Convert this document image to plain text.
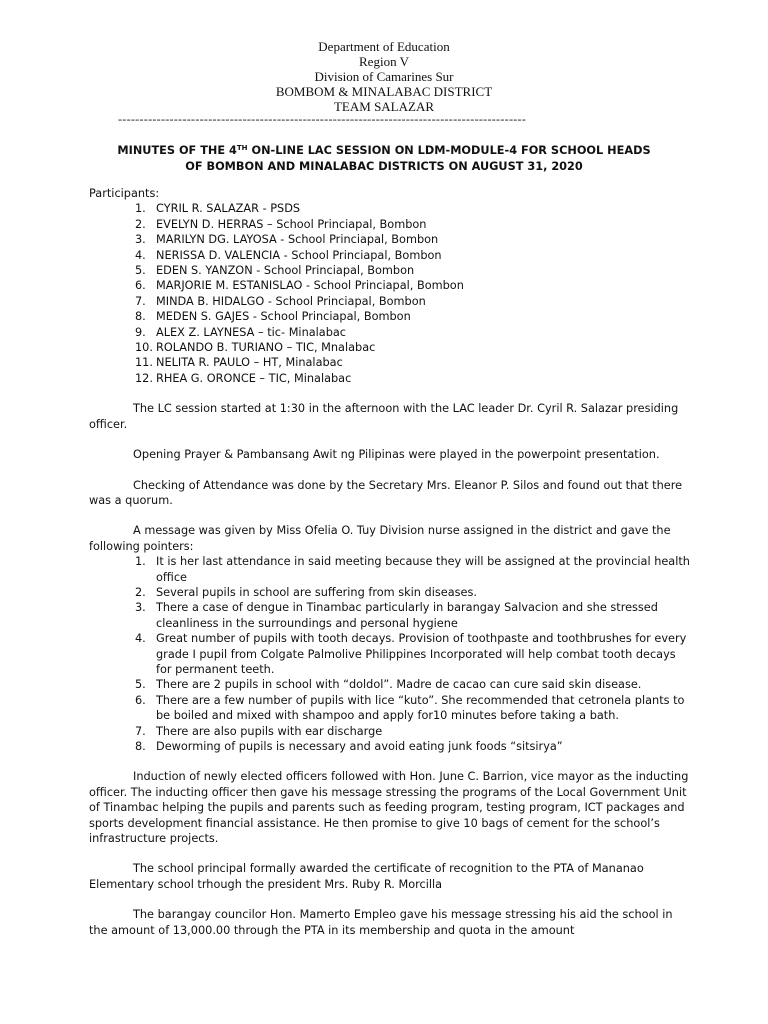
Department of Education
Region V
Division of Camarines Sur
BOMBOM & MINALABAC DISTRICT
TEAM SALAZAR
-----------------------------------------------------------------------------------------------
MINUTES OF THE 4TH ON-LINE LAC SESSION ON LDM-MODULE-4 FOR SCHOOL HEADS
OF BOMBON AND MINALABAC DISTRICTS ON AUGUST 31, 2020
Participants:
1. CYRIL R. SALAZAR - PSDS
2. EVELYN D. HERRAS – School Princiapal, Bombon
3. MARILYN DG. LAYOSA - School Princiapal, Bombon
4. NERISSA D. VALENCIA - School Princiapal, Bombon
5. EDEN S. YANZON - School Princiapal, Bombon
6. MARJORIE M. ESTANISLAO - School Princiapal, Bombon
7. MINDA B. HIDALGO - School Princiapal, Bombon
8. MEDEN S. GAJES - School Princiapal, Bombon
9. ALEX Z. LAYNESA – tic- Minalabac
10. ROLANDO B. TURIANO – TIC, Mnalabac
11. NELITA R. PAULO – HT, Minalabac
12. RHEA G. ORONCE – TIC, Minalabac

The LC session started at 1:30 in the afternoon with the LAC leader Dr. Cyril R. Salazar presiding officer.

Opening Prayer & Pambansang Awit ng Pilipinas were played in the powerpoint presentation.

Checking of Attendance was done by the Secretary Mrs. Eleanor P. Silos and found out that there was a quorum.

A message was given by Miss Ofelia O. Tuy Division nurse assigned in the district and gave the following pointers:

1. It is her last attendance in said meeting because they will be assigned at the provincial health office
2. Several pupils in school are suffering from skin diseases.
3. There a case of dengue in Tinambac particularly in barangay Salvacion and she stressed cleanliness in the surroundings and personal hygiene
4. Great number of pupils with tooth decays. Provision of toothpaste and toothbrushes for every grade I pupil from Colgate Palmolive Philippines Incorporated will help combat tooth decays for permanent teeth.
5. There are 2 pupils in school with “doldol”. Madre de cacao can cure said skin disease.
6. There are a few number of pupils with lice “kuto”. She recommended that cetronela plants to be boiled and mixed with shampoo and apply for10 minutes before taking a bath.
7. There are also pupils with ear discharge
8. Deworming of pupils is necessary and avoid eating junk foods “sitsirya”

Induction of newly elected officers followed with Hon. June C. Barrion, vice mayor as the inducting officer. The inducting officer then gave his message stressing the programs of the Local Government Unit of Tinambac helping the pupils and parents such as feeding program, testing program, ICT packages and sports development financial assistance. He then promise to give 10 bags of cement for the school’s infrastructure projects.

The school principal formally awarded the certificate of recognition to the PTA of Mananao Elementary school trhough the president Mrs. Ruby R. Morcilla

The barangay councilor Hon. Mamerto Empleo gave his message stressing his aid the school in the amount of 13,000.00 through the PTA in its membership and quota in the amount
